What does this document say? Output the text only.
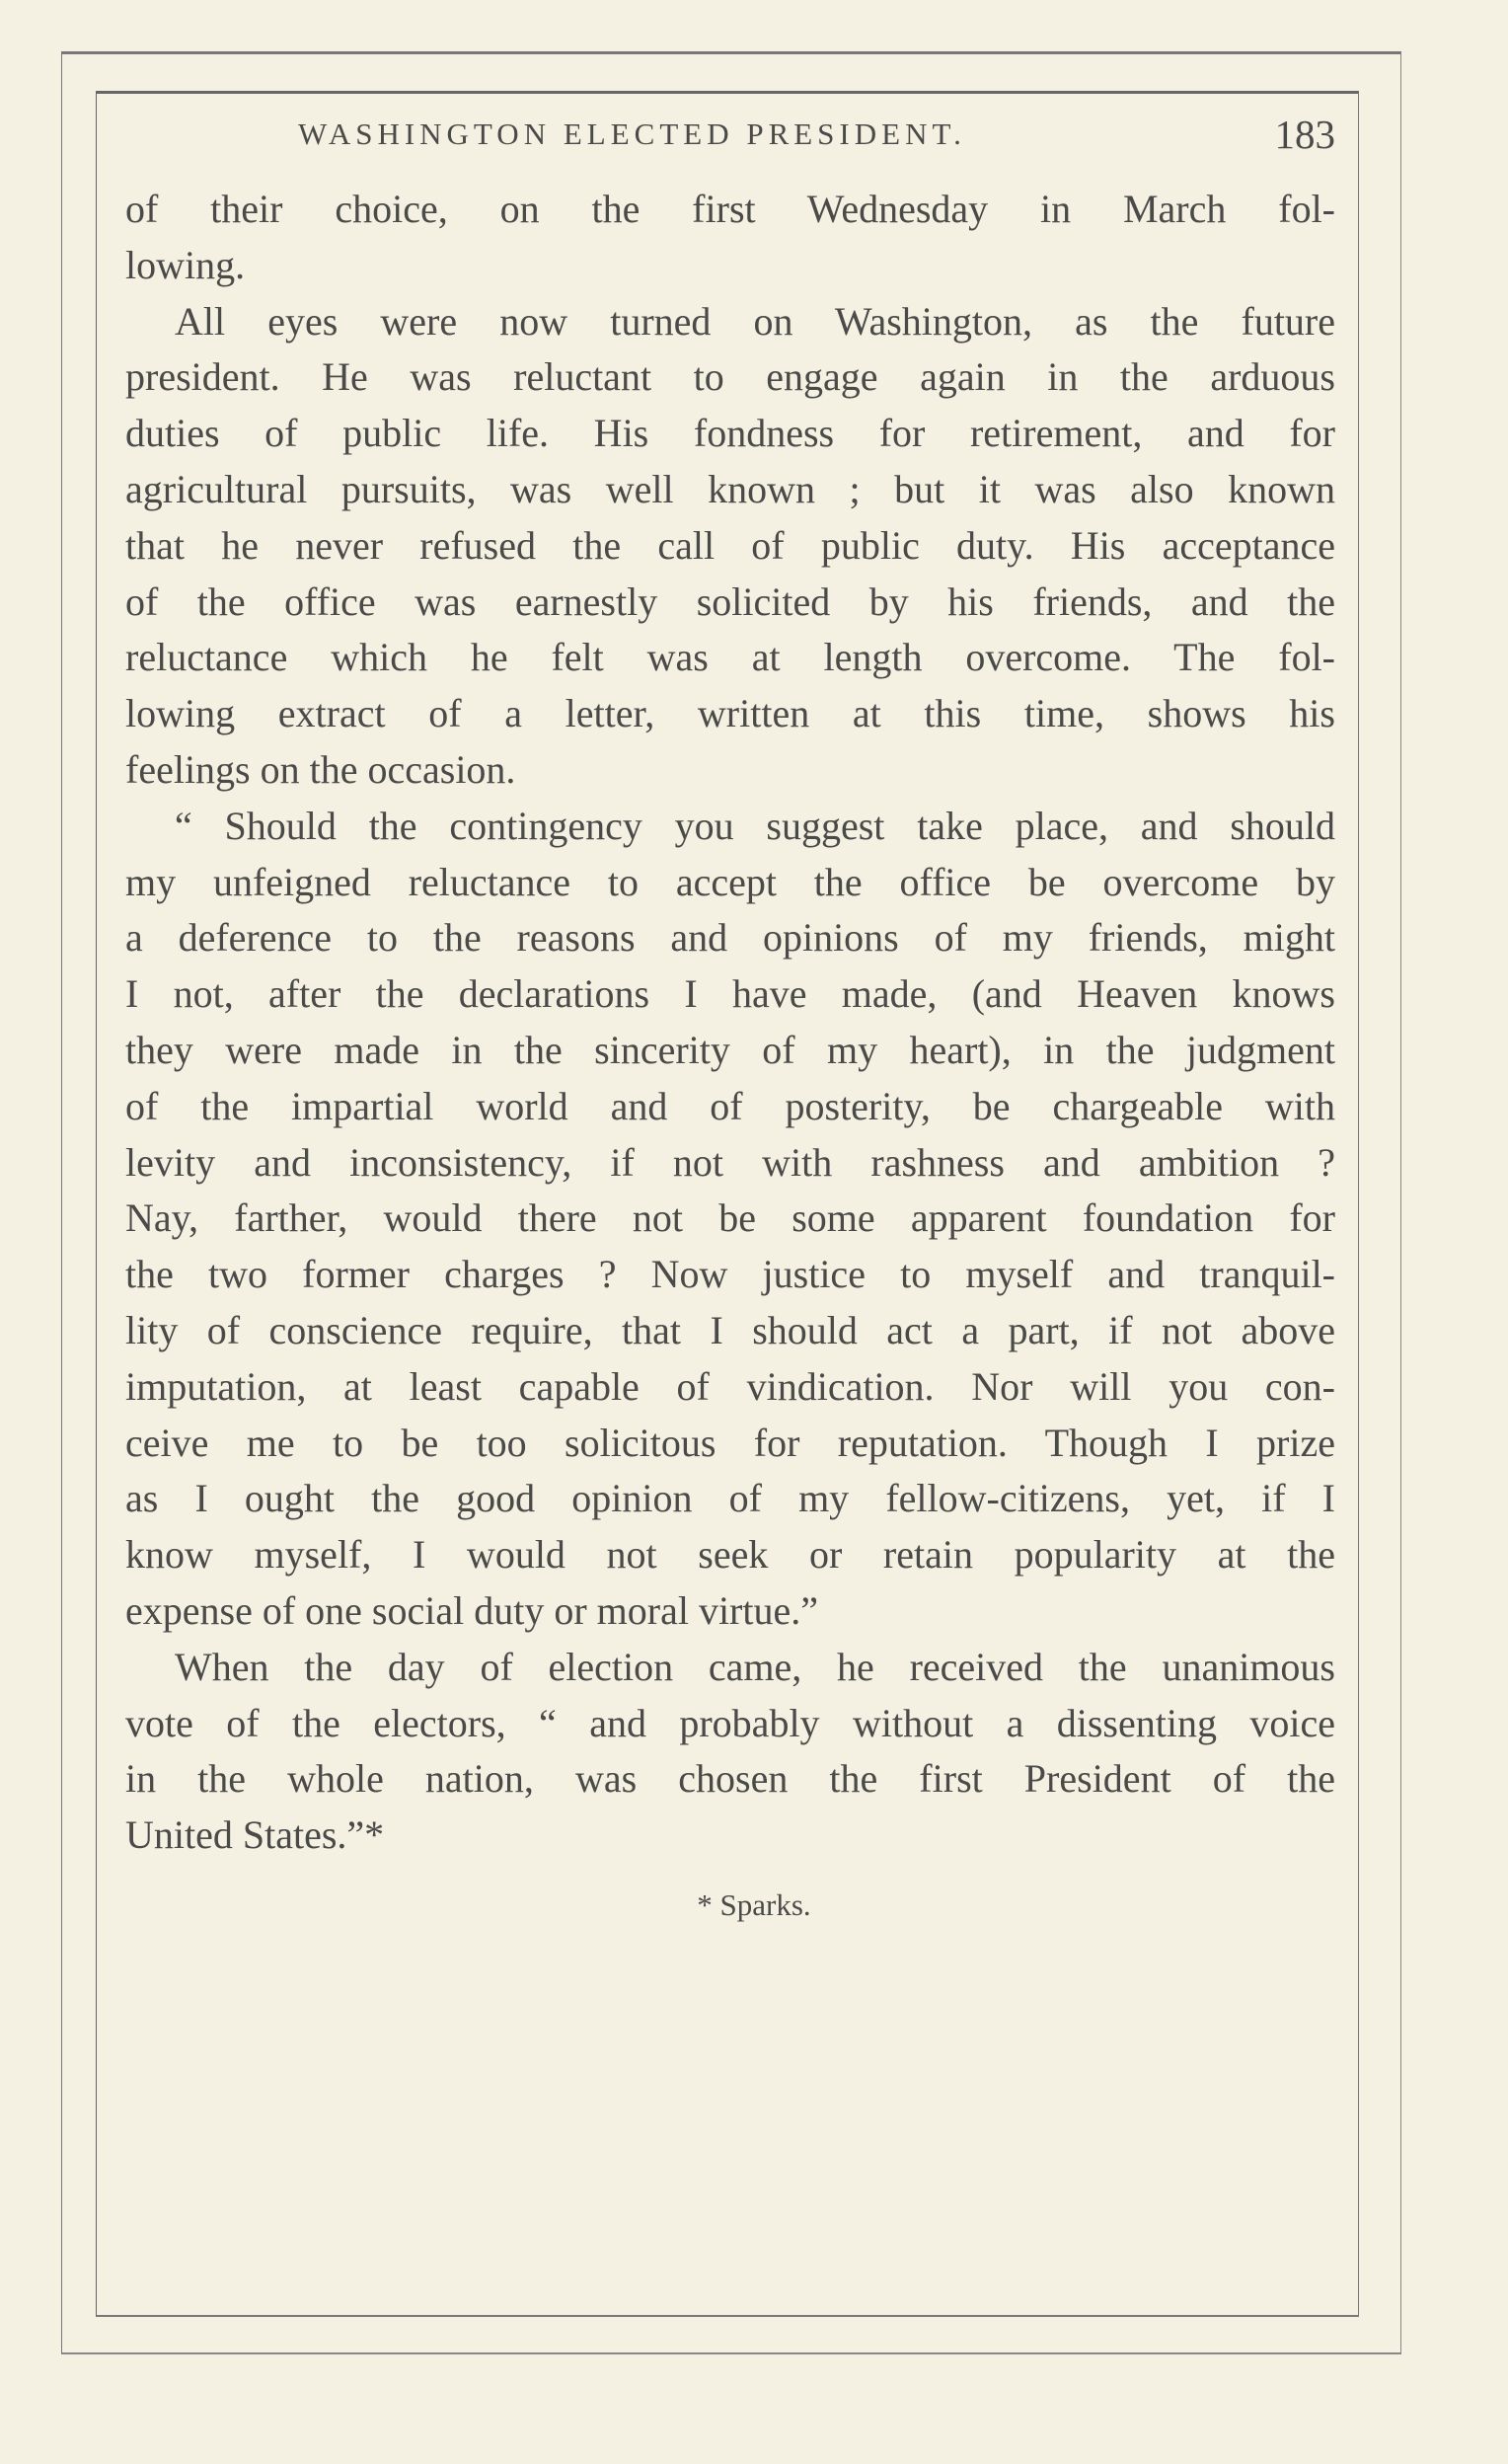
WASHINGTON ELECTED PRESIDENT.	183
of their choice, on the first Wednesday in March fol-
lowing.
All eyes were now turned on Washington, as the future
president. He was reluctant to engage again in the arduous
duties of public life. His fondness for retirement, and for
agricultural pursuits, was well known ; but it was also known
that he never refused the call of public duty. His acceptance
of the office was earnestly solicited by his friends, and the
reluctance which he felt was at length overcome. The fol-
lowing extract of a letter, written at this time, shows his
feelings on the occasion.
“ Should the contingency you suggest take place, and should
my unfeigned reluctance to accept the office be overcome by
a deference to the reasons and opinions of my friends, might
I not, after the declarations I have made, (and Heaven knows
they were made in the sincerity of my heart), in the judgment
of the impartial world and of posterity, be chargeable with
levity and inconsistency, if not with rashness and ambition ?
Nay, farther, would there not be some apparent foundation for
the two former charges ? Now justice to myself and tranquil-
lity of conscience require, that I should act a part, if not above
imputation, at least capable of vindication. Nor will you con-
ceive me to be too solicitous for reputation. Though I prize
as I ought the good opinion of my fellow-citizens, yet, if I
know myself, I would not seek or retain popularity at the
expense of one social duty or moral virtue.”
When the day of election came, he received the unanimous
vote of the electors, “ and probably without a dissenting voice
in the whole nation, was chosen the first President of the
United States.”*
* Sparks.
